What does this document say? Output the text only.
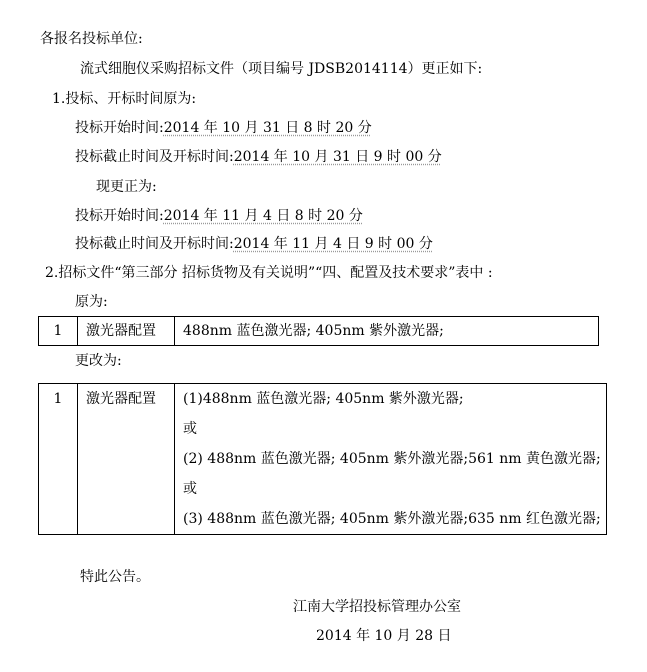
各报名投标单位:
流式细胞仪采购招标文件（项目编号 JDSB2014114）更正如下:
1.投标、开标时间原为:
投标开始时间:2014 年 10 月 31 日 8 时 20 分
投标截止时间及开标时间:2014 年 10 月 31 日 9 时 00 分
现更正为:
投标开始时间:2014 年 11 月 4 日 8 时 20 分
投标截止时间及开标时间:2014 年 11 月 4 日 9 时 00 分
2.招标文件“第三部分 招标货物及有关说明”“四、配置及技术要求”表中 :
原为:
1	激光器配置	488nm 蓝色激光器; 405nm 紫外激光器;
更改为:
1	激光器配置	(1)488nm 蓝色激光器; 405nm 紫外激光器;
或
(2) 488nm 蓝色激光器; 405nm 紫外激光器;561 nm 黄色激光器;
或
(3) 488nm 蓝色激光器; 405nm 紫外激光器;635 nm 红色激光器;
特此公告。
江南大学招投标管理办公室
2014 年 10 月 28 日
